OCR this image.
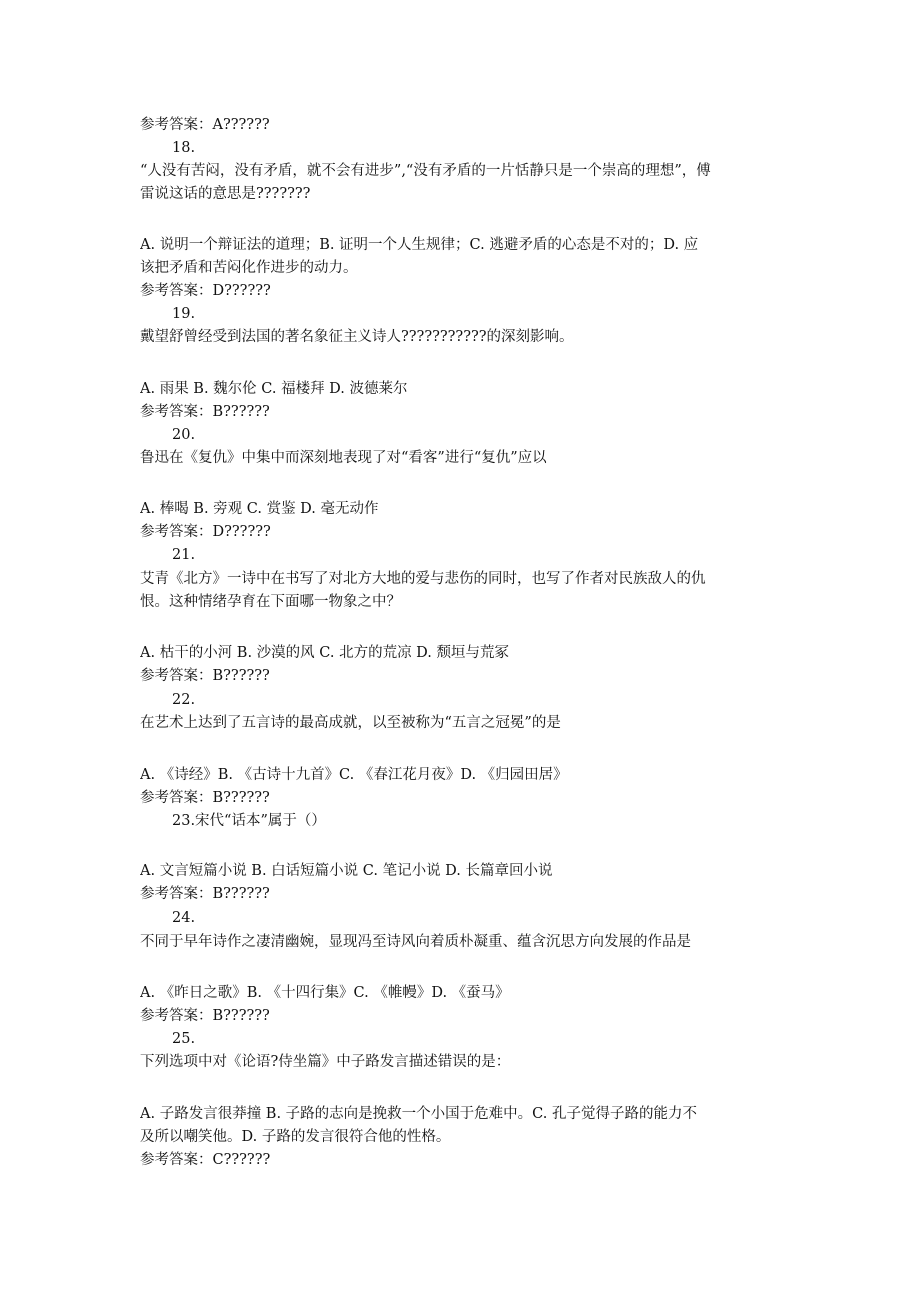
参考答案：A??????
18.
“人没有苦闷，没有矛盾，就不会有进步”,“没有矛盾的一片恬静只是一个崇高的理想”，傅
雷说这话的意思是???????
A. 说明一个辩证法的道理；B. 证明一个人生规律；C. 逃避矛盾的心态是不对的；D. 应
该把矛盾和苦闷化作进步的动力。
参考答案：D??????
19.
戴望舒曾经受到法国的著名象征主义诗人???????????的深刻影响。
A. 雨果 B. 魏尔伦 C. 福楼拜 D. 波德莱尔
参考答案：B??????
20.
鲁迅在《复仇》中集中而深刻地表现了对“看客”进行“复仇”应以
A. 棒喝 B. 旁观 C. 赏鉴 D. 毫无动作
参考答案：D??????
21.
艾青《北方》一诗中在书写了对北方大地的爱与悲伤的同时，也写了作者对民族敌人的仇
恨。这种情绪孕育在下面哪一物象之中？
A. 枯干的小河 B. 沙漠的风 C. 北方的荒凉 D. 颓垣与荒冢
参考答案：B??????
22.
在艺术上达到了五言诗的最高成就，以至被称为“五言之冠冕”的是
A. 《诗经》B. 《古诗十九首》C. 《春江花月夜》D. 《归园田居》
参考答案：B??????
23.宋代“话本”属于（）
A. 文言短篇小说 B. 白话短篇小说 C. 笔记小说 D. 长篇章回小说
参考答案：B??????
24.
不同于早年诗作之凄清幽婉，显现冯至诗风向着质朴凝重、蕴含沉思方向发展的作品是
A. 《昨日之歌》B. 《十四行集》C. 《帷幔》D. 《蚕马》
参考答案：B??????
25.
下列选项中对《论语?侍坐篇》中子路发言描述错误的是：
A. 子路发言很莽撞 B. 子路的志向是挽救一个小国于危难中。C. 孔子觉得子路的能力不
及所以嘲笑他。D. 子路的发言很符合他的性格。
参考答案：C??????
